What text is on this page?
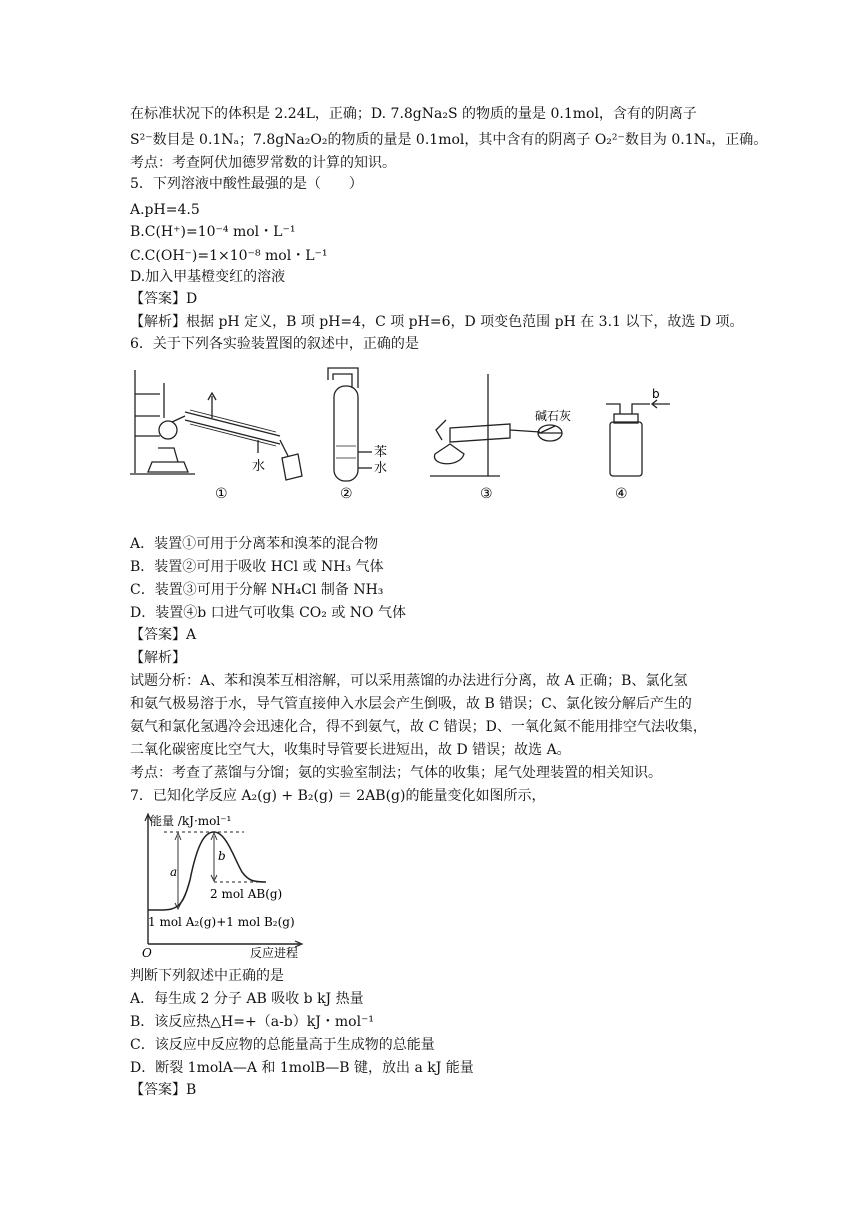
在标准状况下的体积是 2.24L，正确；D. 7.8gNa₂S 的物质的量是 0.1mol，含有的阴离子
S²⁻数目是 0.1Nₐ；7.8gNa₂O₂的物质的量是 0.1mol，其中含有的阴离子 O₂²⁻数目为 0.1Nₐ，正确。
考点：考查阿伏加德罗常数的计算的知识。
5．下列溶液中酸性最强的是（　　）
A.pH=4.5
B.C(H⁺)=10⁻⁴ mol・L⁻¹
C.C(OH⁻)=1×10⁻⁸ mol・L⁻¹
D.加入甲基橙变红的溶液
【答案】D
【解析】根据 pH 定义，B 项 pH=4，C 项 pH=6，D 项变色范围 pH 在 3.1 以下，故选 D 项。
6．关于下列各实验装置图的叙述中，正确的是
水
苯
水
碱石灰
b
①	②	③	④
A．装置①可用于分离苯和溴苯的混合物
B．装置②可用于吸收 HCl 或 NH₃ 气体
C．装置③可用于分解 NH₄Cl 制备 NH₃
D．装置④b 口进气可收集 CO₂ 或 NO 气体
【答案】A
【解析】
试题分析：A、苯和溴苯互相溶解，可以采用蒸馏的办法进行分离，故 A 正确；B、氯化氢
和氨气极易溶于水，导气管直接伸入水层会产生倒吸，故 B 错误；C、氯化铵分解后产生的
氨气和氯化氢遇冷会迅速化合，得不到氨气，故 C 错误；D、一氧化氮不能用排空气法收集，
二氧化碳密度比空气大，收集时导管要长进短出，故 D 错误；故选 A。
考点：考查了蒸馏与分馏；氨的实验室制法；气体的收集；尾气处理装置的相关知识。
7．已知化学反应 A₂(g) + B₂(g) ＝ 2AB(g)的能量变化如图所示，
能量 /kJ·mol⁻¹
a
b
2 mol AB(g)
1 mol A₂(g)+1 mol B₂(g)
O	反应进程
判断下列叙述中正确的是
A．每生成 2 分子 AB 吸收 b kJ 热量
B．该反应热△H=+（a-b）kJ・mol⁻¹
C．该反应中反应物的总能量高于生成物的总能量
D．断裂 1molA—A 和 1molB—B 键，放出 a kJ 能量
【答案】B
